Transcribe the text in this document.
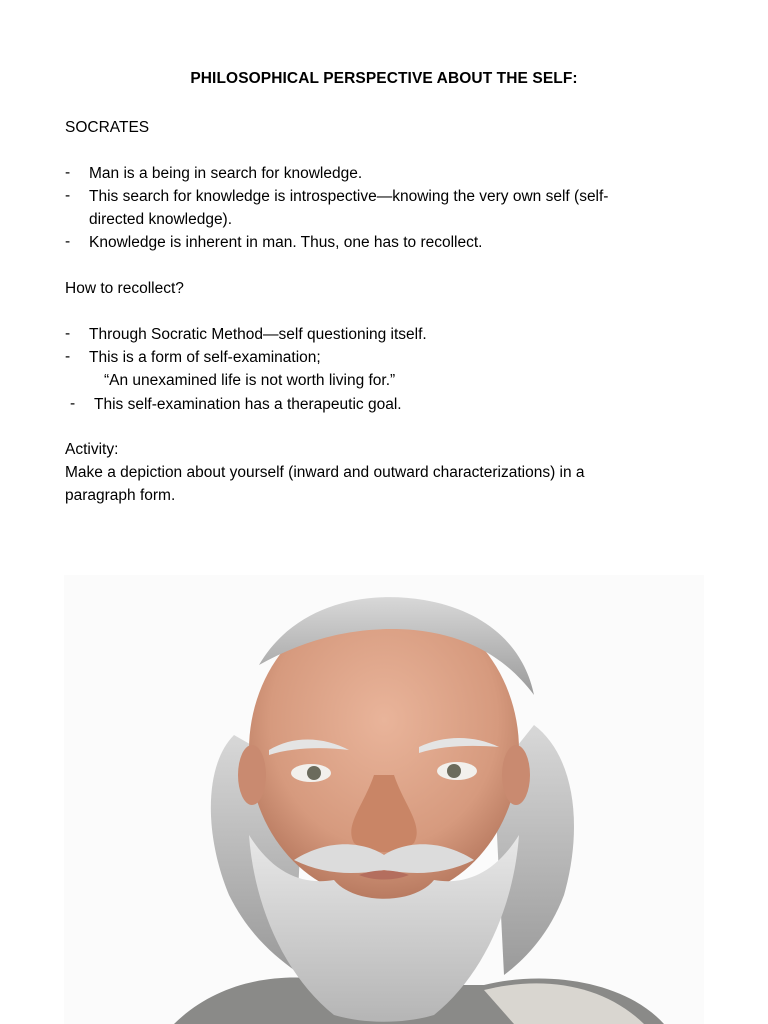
PHILOSOPHICAL PERSPECTIVE ABOUT THE SELF:
SOCRATES
- Man is a being in search for knowledge.
- This search for knowledge is introspective—knowing the very own self (self-
directed knowledge).
- Knowledge is inherent in man. Thus, one has to recollect.
How to recollect?
- Through Socratic Method—self questioning itself.
- This is a form of self-examination;
“An unexamined life is not worth living for.”
- This self-examination has a therapeutic goal.
Activity:
Make a depiction about yourself (inward and outward characterizations) in a
paragraph form.
